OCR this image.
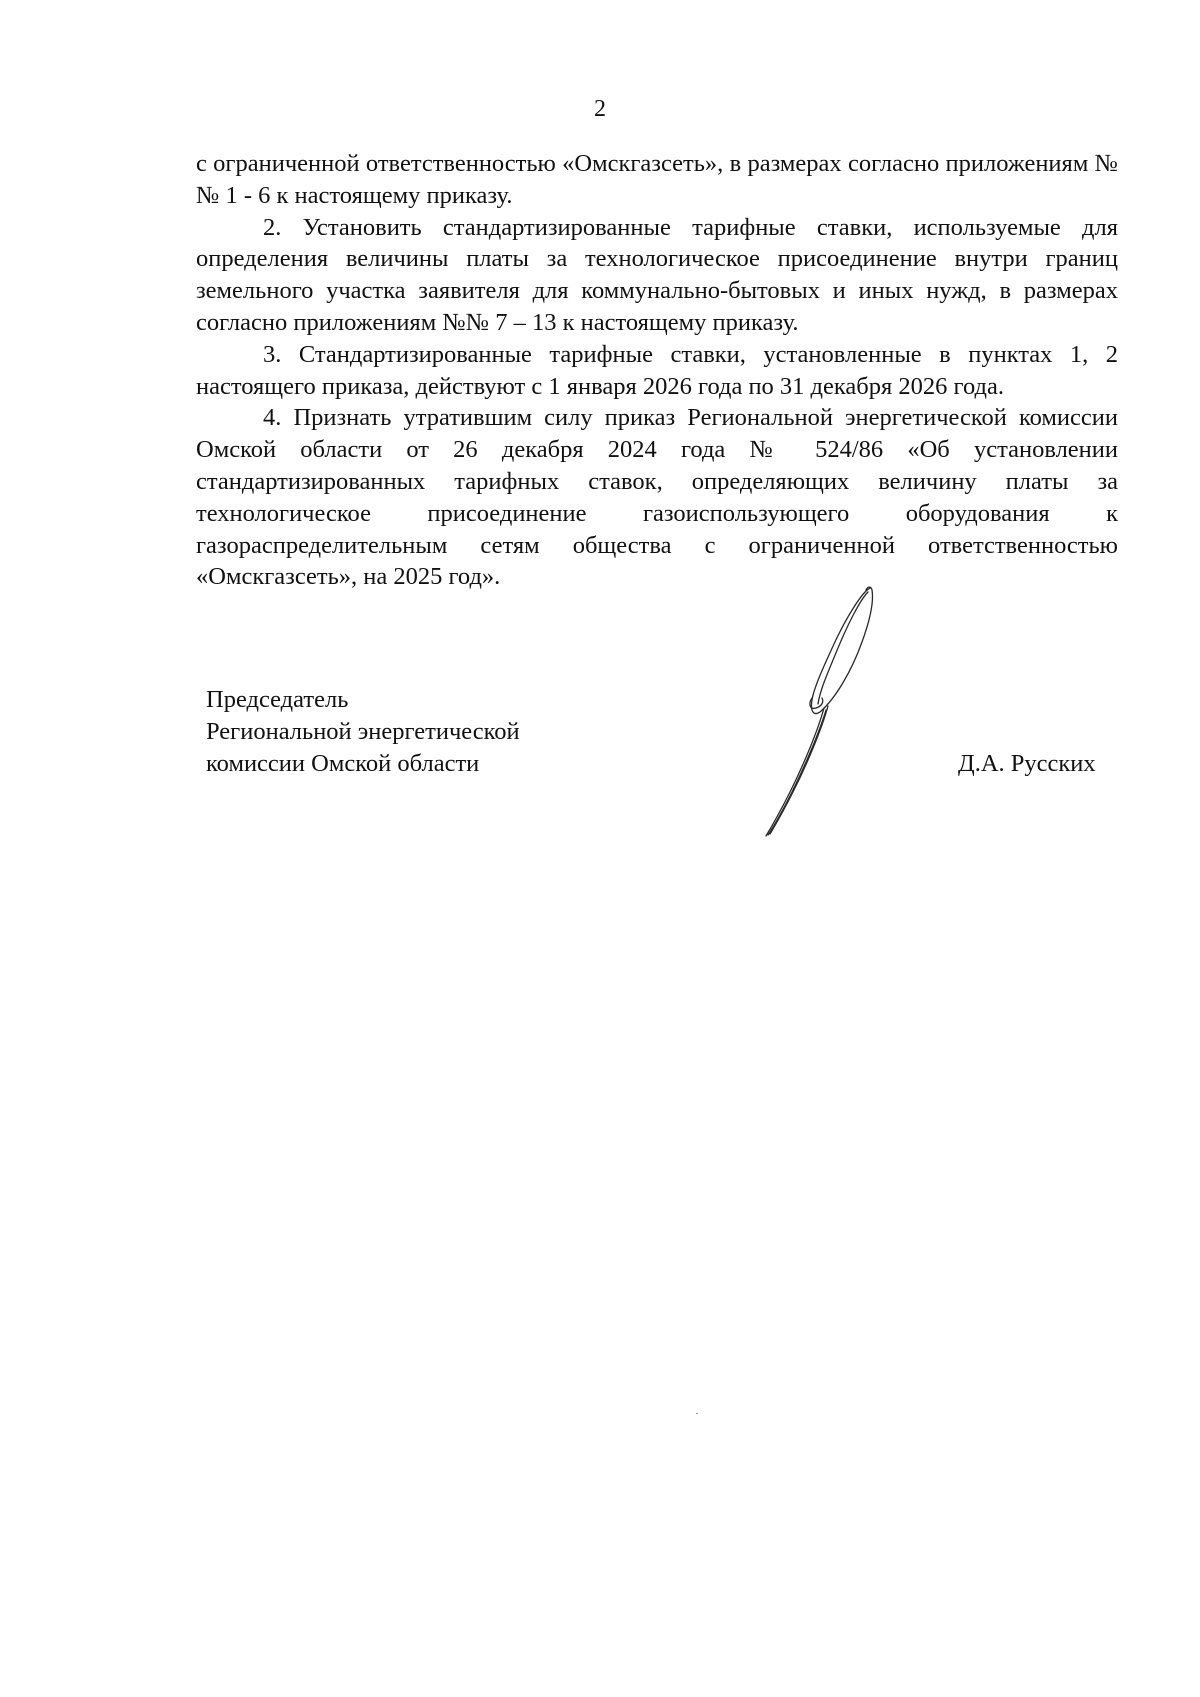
2

с ограниченной ответственностью «Омскгазсеть», в размерах согласно приложениям №№ 1 - 6 к настоящему приказу.

2. Установить стандартизированные тарифные ставки, используемые для определения величины платы за технологическое присоединение внутри границ земельного участка заявителя для коммунально-бытовых и иных нужд, в размерах согласно приложениям №№ 7 – 13 к настоящему приказу.

3. Стандартизированные тарифные ставки, установленные в пунктах 1, 2 настоящего приказа, действуют с 1 января 2026 года по 31 декабря 2026 года.

4. Признать утратившим силу приказ Региональной энергетической комиссии Омской области от 26 декабря 2024 года № 524/86 «Об установлении стандартизированных тарифных ставок, определяющих величину платы за технологическое присоединение газоиспользующего оборудования к газораспределительным сетям общества с ограниченной ответственностью «Омскгазсеть», на 2025 год».

Председатель
Региональной энергетической
комиссии Омской области	Д.А. Русских
